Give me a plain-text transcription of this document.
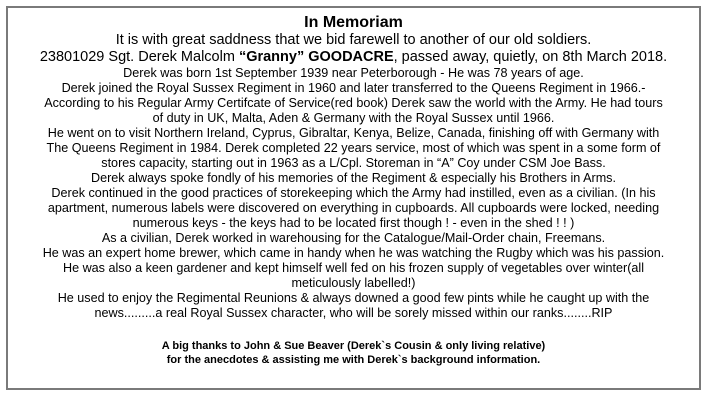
In Memoriam
It is with great saddness that we bid farewell to another of our old soldiers.
23801029 Sgt. Derek Malcolm “Granny” GOODACRE, passed away, quietly, on 8th March 2018.
Derek was born 1st September 1939 near Peterborough - He was 78 years of age.
Derek joined the Royal Sussex Regiment in 1960 and later transferred to the Queens Regiment in 1966.-
According to his Regular Army Certifcate of Service(red book) Derek saw the world with the Army. He had tours
of duty in UK, Malta, Aden & Germany with the Royal Sussex until 1966.
He went on to visit Northern Ireland, Cyprus, Gibraltar, Kenya, Belize, Canada, finishing off with Germany with
The Queens Regiment in 1984. Derek completed 22 years service, most of which was spent in a some form of
stores capacity, starting out in 1963 as a L/Cpl. Storeman in “A” Coy under CSM Joe Bass.
Derek always spoke fondly of his memories of the Regiment & especially his Brothers in Arms.
Derek continued in the good practices of storekeeping which the Army had instilled, even as a civilian. (In his
apartment, numerous labels were discovered on everything in cupboards. All cupboards were locked, needing
numerous keys - the keys had to be located first though ! - even in the shed ! ! )
As a civilian, Derek worked in warehousing for the Catalogue/Mail-Order chain, Freemans.
He was an expert home brewer, which came in handy when he was watching the Rugby which was his passion.
He was also a keen gardener and kept himself well fed on his frozen supply of vegetables over winter(all
meticulously labelled!)
He used to enjoy the Regimental Reunions & always downed a good few pints while he caught up with the
news.........a real Royal Sussex character, who will be sorely missed within our ranks........RIP
A big thanks to John & Sue Beaver (Derek`s Cousin & only living relative)
for the anecdotes & assisting me with Derek`s background information.
